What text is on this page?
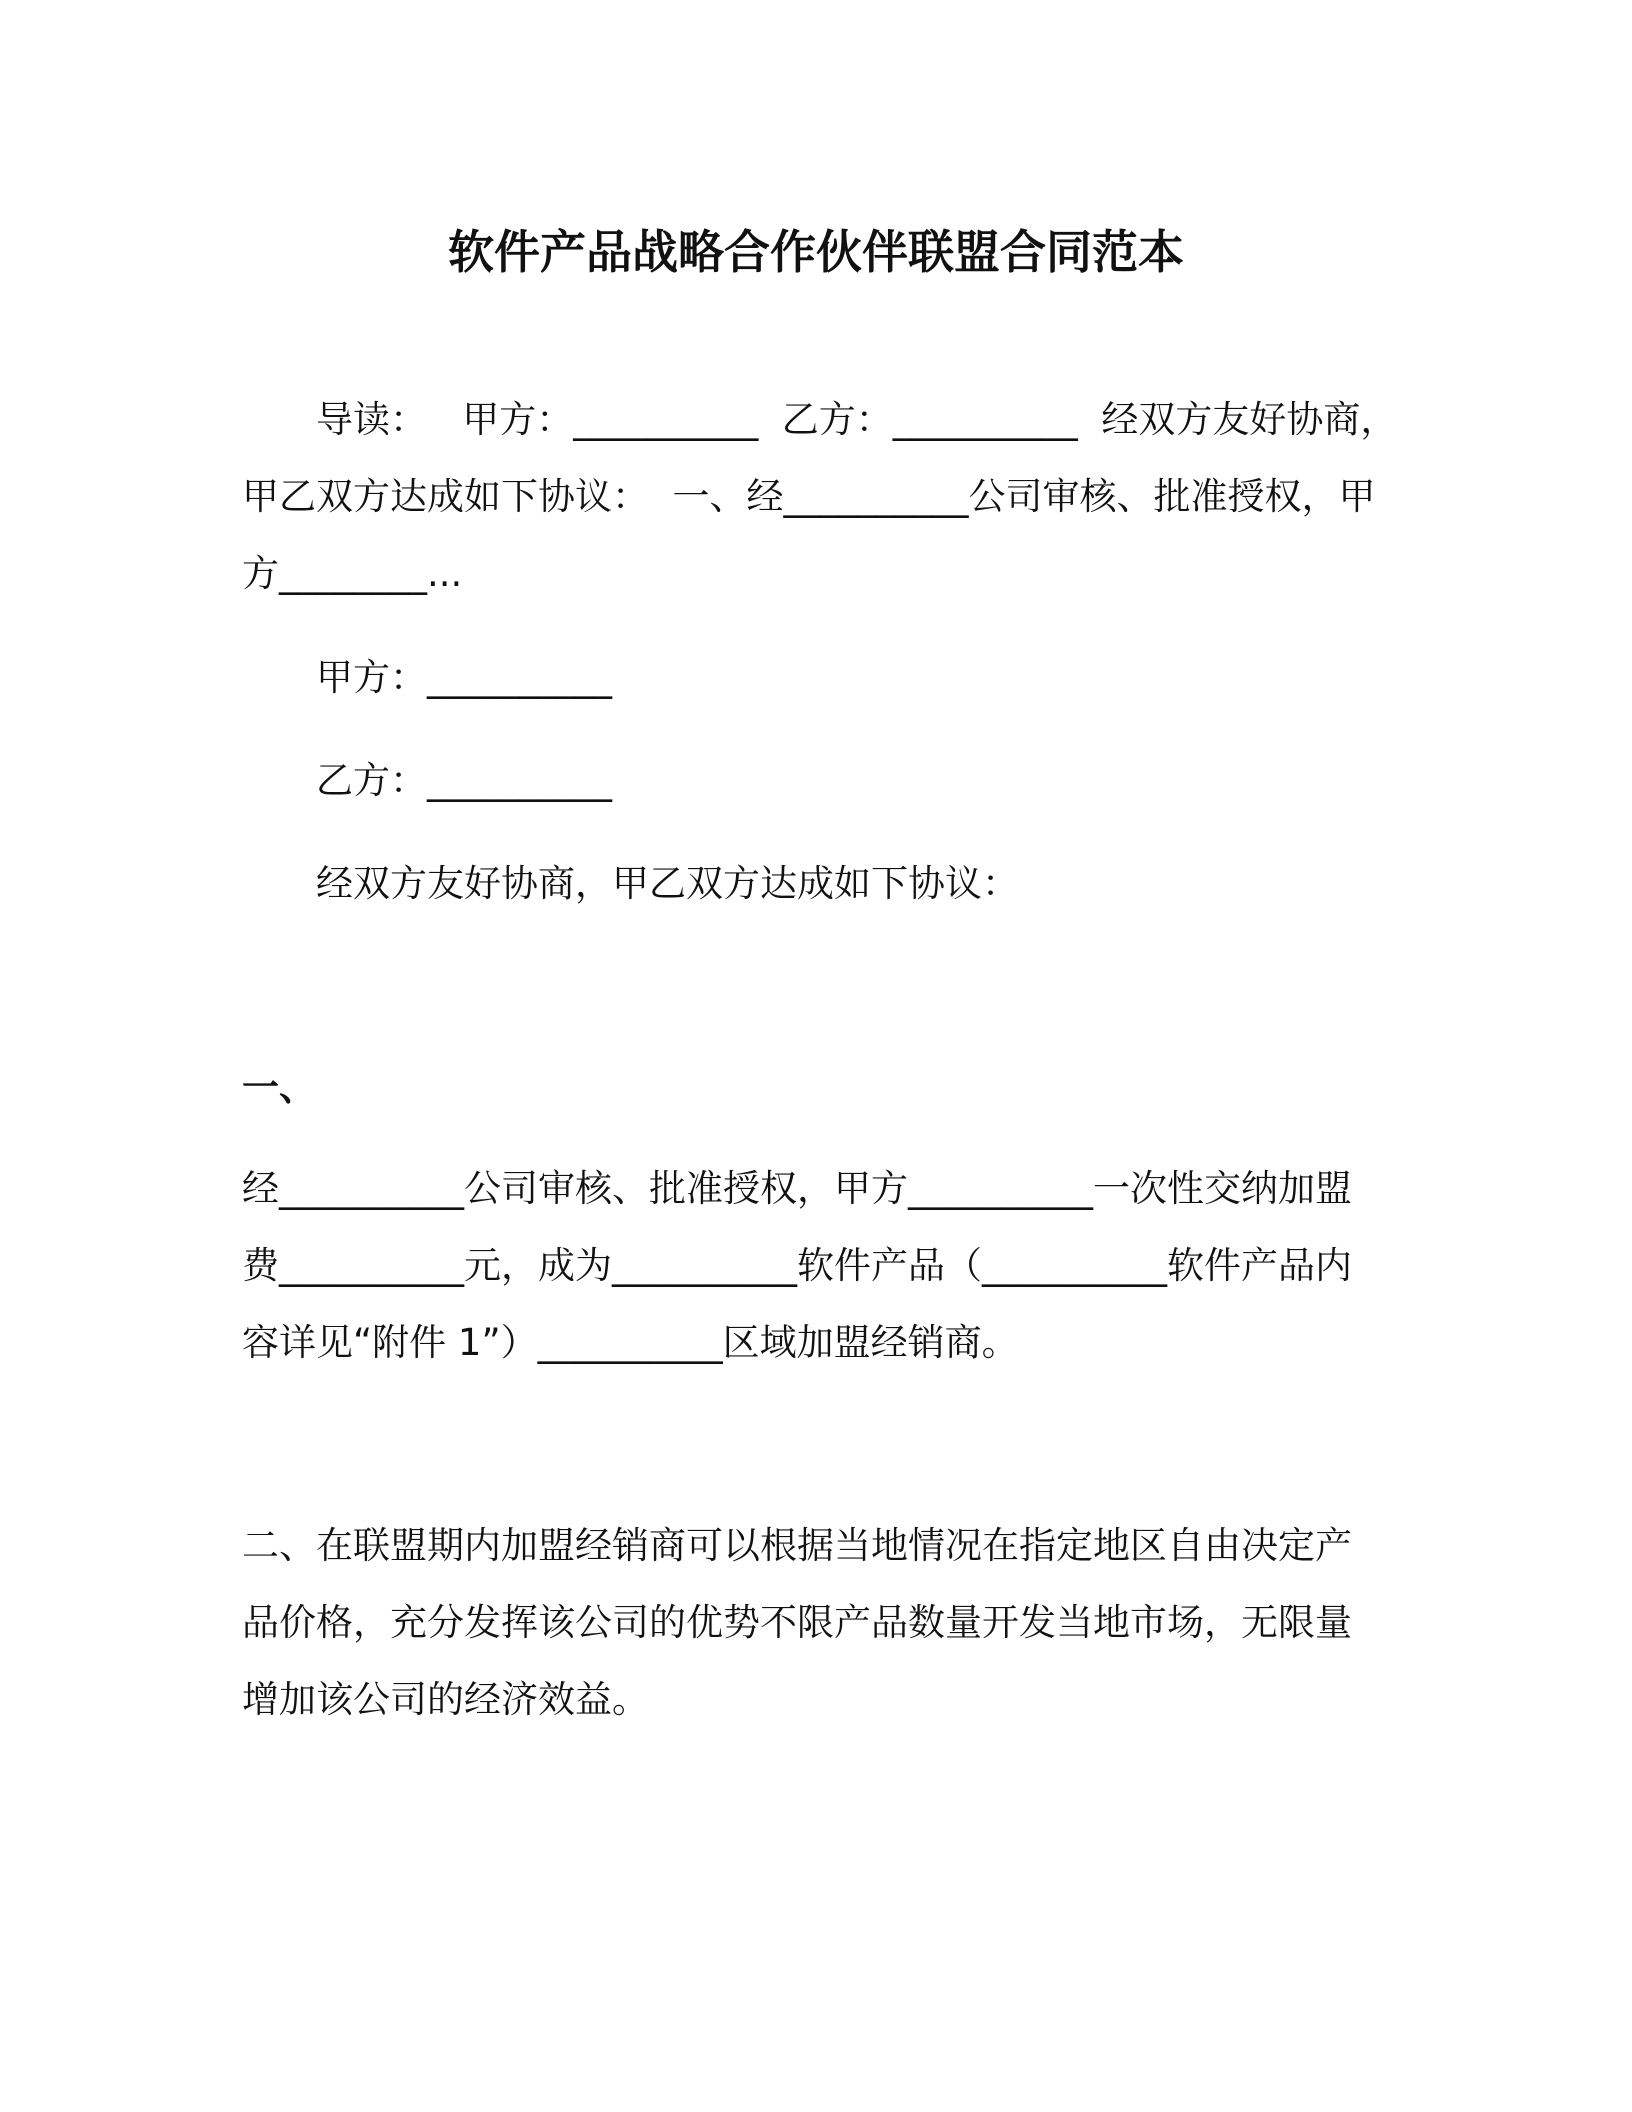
软件产品战略合作伙伴联盟合同范本
导读：   甲方：__________  乙方：__________  经双方友好协商，
甲乙双方达成如下协议：  一、经__________公司审核、批准授权，甲
方________...
甲方：__________
乙方：__________
经双方友好协商，甲乙双方达成如下协议：
一、
经__________公司审核、批准授权，甲方__________一次性交纳加盟
费__________元，成为__________软件产品（__________软件产品内
容详见“附件 1”）__________区域加盟经销商。
二、在联盟期内加盟经销商可以根据当地情况在指定地区自由决定产
品价格，充分发挥该公司的优势不限产品数量开发当地市场，无限量
增加该公司的经济效益。
